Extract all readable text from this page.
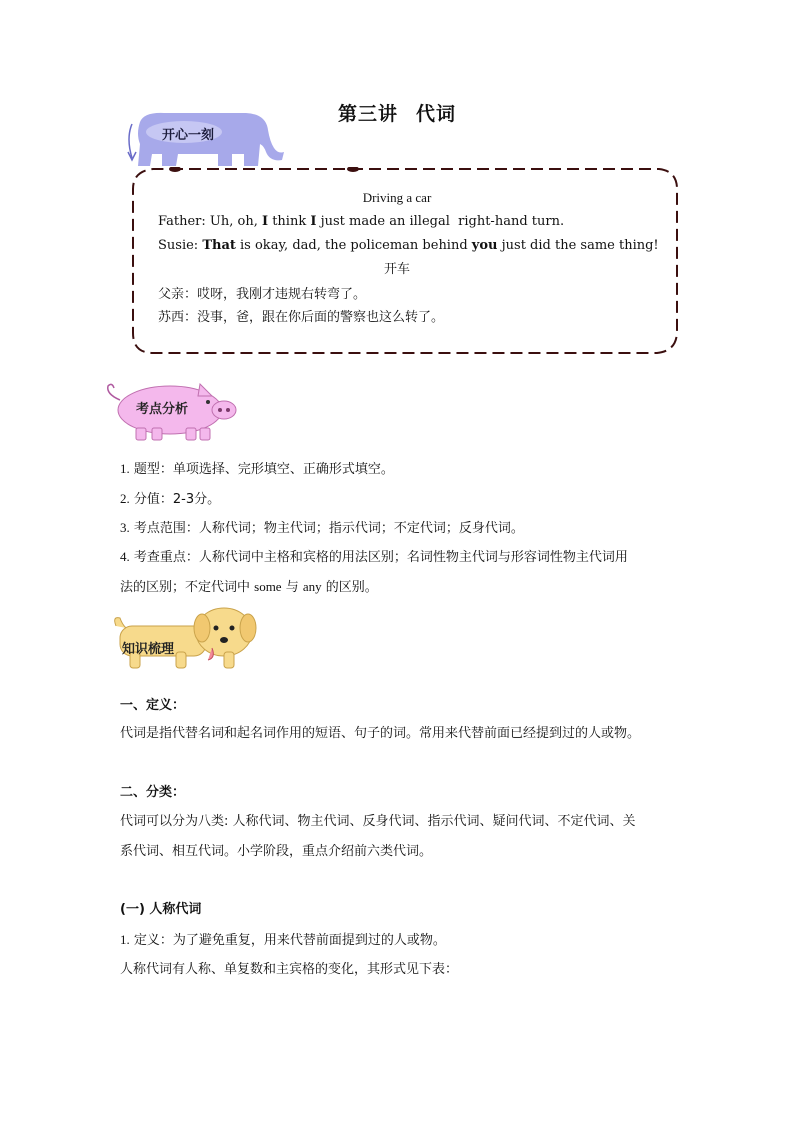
第三讲 代词
开心一刻
Driving a car
Father: Uh, oh, I think I just made an illegal  right-hand turn.
Susie: That is okay, dad, the policeman behind you just did the same thing!
开车
父亲：哎呀，我刚才违规右转弯了。
苏西：没事，爸，跟在你后面的警察也这么转了。
考点分析
1. 题型：单项选择、完形填空、正确形式填空。
2. 分值：2-3分。
3. 考点范围：人称代词；物主代词；指示代词；不定代词；反身代词。
4. 考查重点：人称代词中主格和宾格的用法区别；名词性物主代词与形容词性物主代词用
法的区别；不定代词中 some 与 any 的区别。
知识梳理
一、定义：
代词是指代替名词和起名词作用的短语、句子的词。常用来代替前面已经提到过的人或物。
二、分类：
代词可以分为八类: 人称代词、物主代词、反身代词、指示代词、疑问代词、不定代词、关
系代词、相互代词。小学阶段，重点介绍前六类代词。
(一) 人称代词
1. 定义：为了避免重复，用来代替前面提到过的人或物。
人称代词有人称、单复数和主宾格的变化，其形式见下表：
